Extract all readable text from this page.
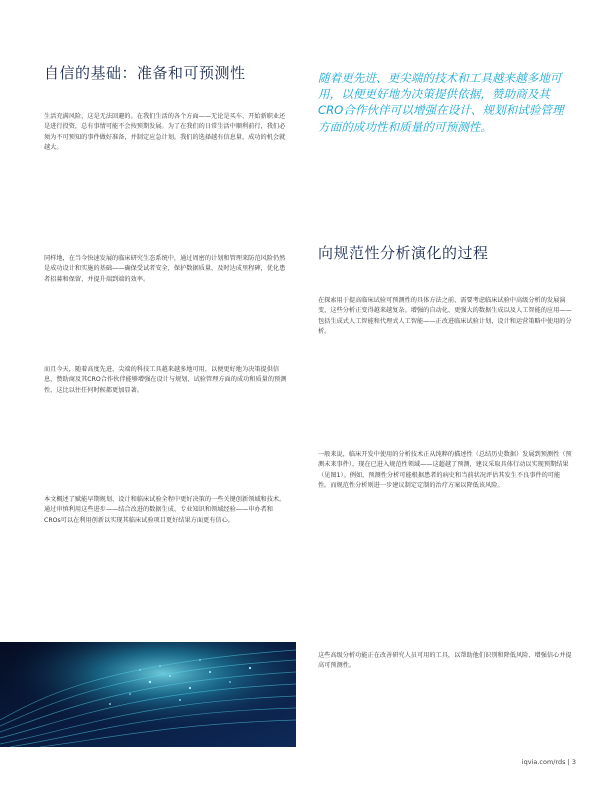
自信的基础：准备和可预测性

生活充满风险，这是无法回避的。在我们生活的各个方面——无论是买车、开始新职业还是进行投资，总有事情可能不会按预期发展。为了在我们的日常生活中顺利前行，我们必须为不可预知的事件做好准备，并制定应急计划。我们的选择越有信息量，成功的机会就越大。

同样地，在当今快速发展的临床研究生态系统中，通过周密的计划和管理来防范风险仍然是成功设计和实施的基础——确保受试者安全，保护数据质量，及时达成里程碑，优化患者招募和保留，并提升端到端的效率。

而且今天，随着高度先进、尖端的科技工具越来越多地可用，以便更好地为决策提供信息，赞助商及其CRO合作伙伴能够增强在设计与规划、试验管理方面的成功和质量的预测性，这比以往任何时候都更加显著。

本文概述了赋能早期规划、设计和临床试验全程中更好决策的一些关键创新领域和技术。通过审慎利用这些进步——结合改进的数据生成、专业知识和领域经验——申办者和CROs可以在利用创新以实现其临床试验项目更好结果方面更有信心。

随着更先进、更尖端的技术和工具越来越多地可用，以便更好地为决策提供依据，赞助商及其CRO合作伙伴可以增强在设计、规划和试验管理方面的成功性和质量的可预测性。

向规范性分析演化的过程

在探索用于提高临床试验可预测性的具体方法之前，需要考虑临床试验中高级分析的发展演变，这些分析正变得越来越复杂。增强的自动化、更强大的数据生成以及人工智能的应用——包括生成式人工智能和代理式人工智能——正改进临床试验计划、设计和运营策略中使用的分析。

一般来说，临床开发中使用的分析技术正从纯粹的描述性（总结历史数据）发展到预测性（预测未来事件），现在已进入规范性领域——这超越了预测，建议采取具体行动以实现预期结果（见图1）。例如，预测性分析可能根据患者的病史和当前状况评估其发生不良事件的可能性。而规范性分析则进一步建议制定定制的治疗方案以降低该风险。

这些高级分析功能正在改善研究人员可用的工具，以帮助他们识别和降低风险、增强信心并提高可预测性。

iqvia.com/rds | 3
